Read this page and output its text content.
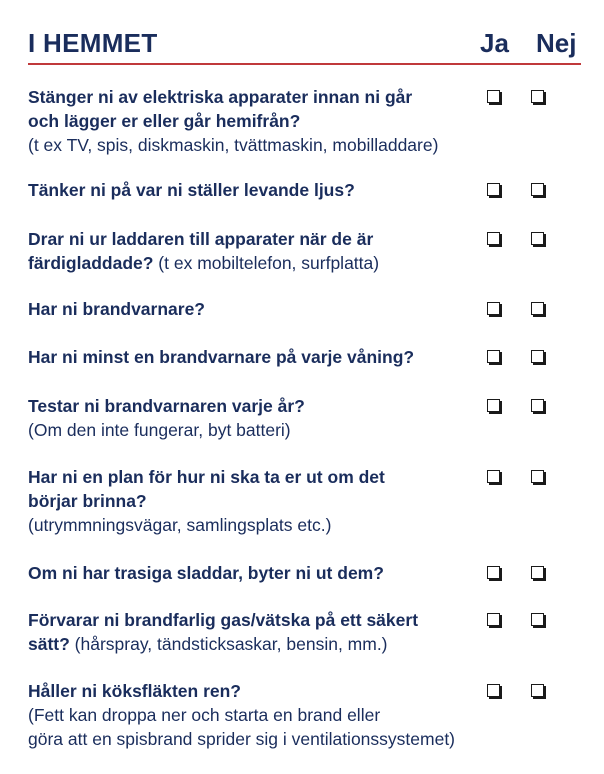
I HEMMET	Ja Nej
Stänger ni av elektriska apparater innan ni går
och lägger er eller går hemifrån?
(t ex TV, spis, diskmaskin, tvättmaskin, mobilladdare)
Tänker ni på var ni ställer levande ljus?
Drar ni ur laddaren till apparater när de är
färdigladdade? (t ex mobiltelefon, surfplatta)
Har ni brandvarnare?
Har ni minst en brandvarnare på varje våning?
Testar ni brandvarnaren varje år?
(Om den inte fungerar, byt batteri)
Har ni en plan för hur ni ska ta er ut om det
börjar brinna?
(utrymmningsvägar, samlingsplats etc.)
Om ni har trasiga sladdar, byter ni ut dem?
Förvarar ni brandfarlig gas/vätska på ett säkert
sätt? (hårspray, tändsticksaskar, bensin, mm.)
Håller ni köksfläkten ren?
(Fett kan droppa ner och starta en brand eller
göra att en spisbrand sprider sig i ventilationssystemet)
